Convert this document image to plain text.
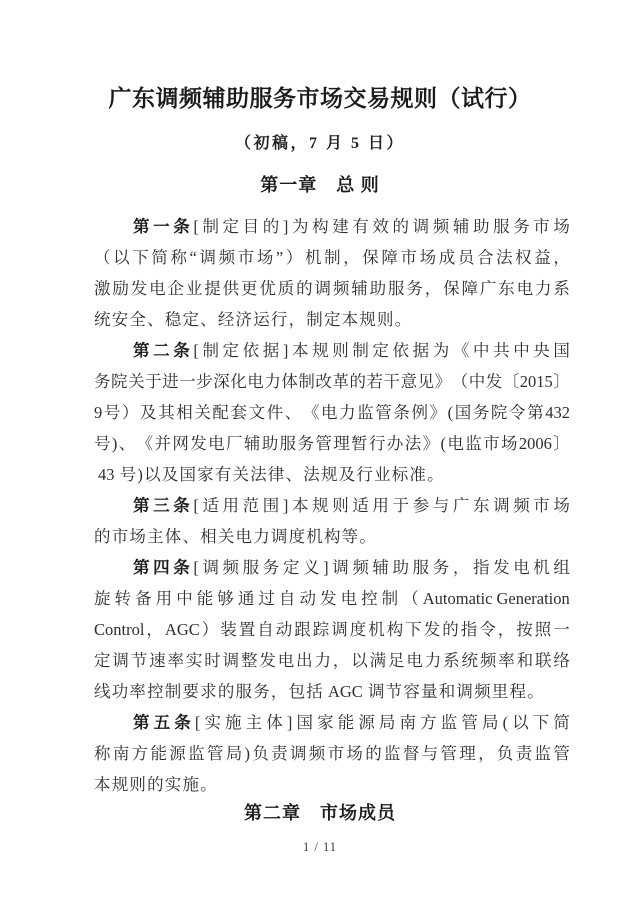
广东调频辅助服务市场交易规则（试行）
（初稿，7 月 5 日）
第一章　总 则
第 一 条 [ 制 定 目 的 ] 为 构 建 有 效 的 调 频 辅 助 服 务 市 场
（ 以 下 简 称 “ 调 频 市 场 ” ） 机 制 ， 保 障 市 场 成 员 合 法 权 益 ，
激 励 发 电 企 业 提 供 更 优 质 的 调 频 辅 助 服 务 ， 保 障 广 东 电 力 系
统 安 全 、 稳 定 、 经 济 运 行 ， 制 定 本 规 则 。
第 二 条 [ 制 定 依 据 ] 本 规 则 制 定 依 据 为 《 中 共 中 央 国
务 院 关 于 进 一 步 深 化 电 力 体 制 改 革 的 若 干 意 见 》 （ 中 发 〔 2015 〕
9 号 ） 及 其 相 关 配 套 文 件 、 《 电 力 监 管 条 例 》 ( 国 务 院 令 第 432
号 ) 、 《 并 网 发 电 厂 辅 助 服 务 管 理 暂 行 办 法 》 ( 电 监 市 场 2006 〕
43 号 ) 以 及 国 家 有 关 法 律 、 法 规 及 行 业 标 准 。
第 三 条 [ 适 用 范 围 ] 本 规 则 适 用 于 参 与 广 东 调 频 市 场
的 市 场 主 体 、 相 关 电 力 调 度 机 构 等 。
第 四 条 [ 调 频 服 务 定 义 ] 调 频 辅 助 服 务 ， 指 发 电 机 组
旋 转 备 用 中 能 够 通 过 自 动 发 电 控 制 （ Automatic Generation
Control ， AGC ） 装 置 自 动 跟 踪 调 度 机 构 下 发 的 指 令 ， 按 照 一
定 调 节 速 率 实 时 调 整 发 电 出 力 ， 以 满 足 电 力 系 统 频 率 和 联 络
线 功 率 控 制 要 求 的 服 务 ， 包 括 AGC 调 节 容 量 和 调 频 里 程 。
第 五 条 [ 实 施 主 体 ] 国 家 能 源 局 南 方 监 管 局 ( 以 下 简
称 南 方 能 源 监 管 局 ) 负 责 调 频 市 场 的 监 督 与 管 理 ， 负 责 监 管
本 规 则 的 实 施 。
第二章　市场成员
1 / 11
